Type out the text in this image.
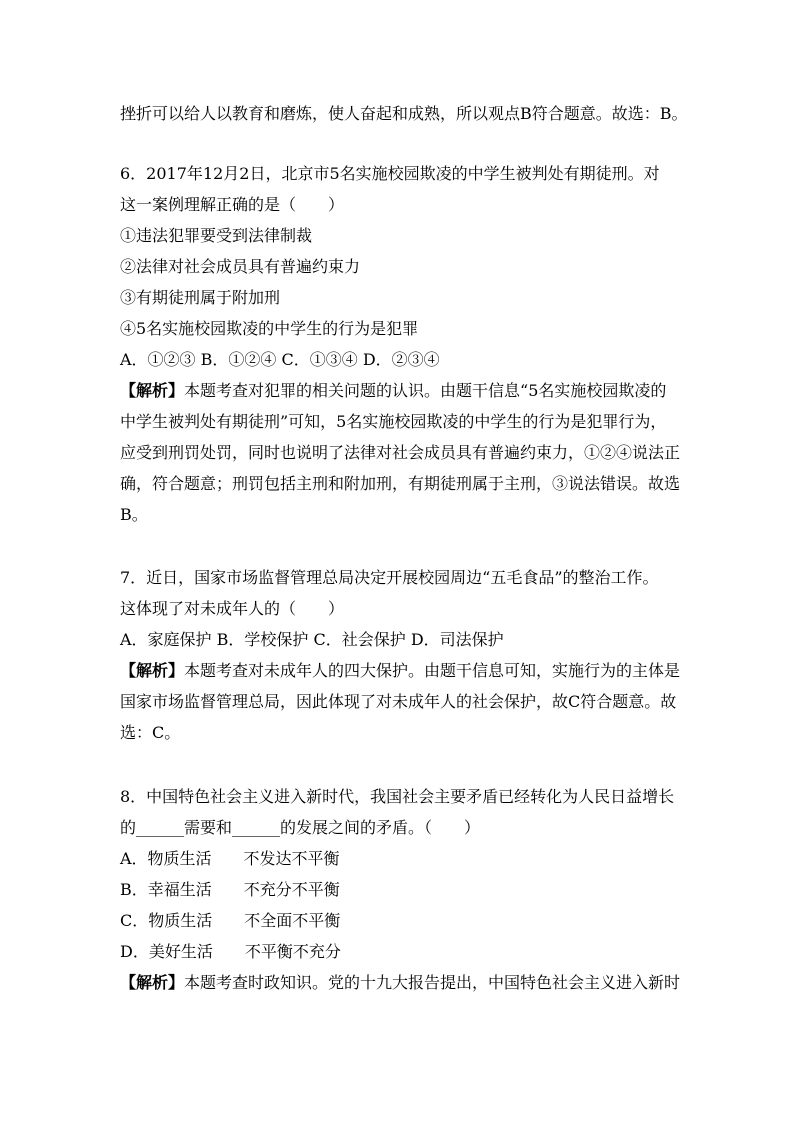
挫折可以给人以教育和磨炼，使人奋起和成熟，所以观点B符合题意。故选：B。
6．2017年12月2日，北京市5名实施校园欺凌的中学生被判处有期徒刑。对
这一案例理解正确的是（　　）
①违法犯罪要受到法律制裁
②法律对社会成员具有普遍约束力
③有期徒刑属于附加刑
④5名实施校园欺凌的中学生的行为是犯罪
A．①②③ B．①②④ C．①③④ D．②③④
【解析】本题考查对犯罪的相关问题的认识。由题干信息“5名实施校园欺凌的
中学生被判处有期徒刑”可知，5名实施校园欺凌的中学生的行为是犯罪行为，
应受到刑罚处罚，同时也说明了法律对社会成员具有普遍约束力，①②④说法正
确，符合题意；刑罚包括主刑和附加刑，有期徒刑属于主刑，③说法错误。故选
B。
7．近日，国家市场监督管理总局决定开展校园周边“五毛食品”的整治工作。
这体现了对未成年人的（　　）
A．家庭保护 B．学校保护 C．社会保护 D．司法保护
【解析】本题考查对未成年人的四大保护。由题干信息可知，实施行为的主体是
国家市场监督管理总局，因此体现了对未成年人的社会保护，故C符合题意。故
选：C。
8．中国特色社会主义进入新时代，我国社会主要矛盾已经转化为人民日益增长
的______需要和______的发展之间的矛盾。（　　）
A．物质生活　　不发达不平衡
B．幸福生活　　不充分不平衡
C．物质生活　　不全面不平衡
D．美好生活　　不平衡不充分
【解析】本题考查时政知识。党的十九大报告提出，中国特色社会主义进入新时
